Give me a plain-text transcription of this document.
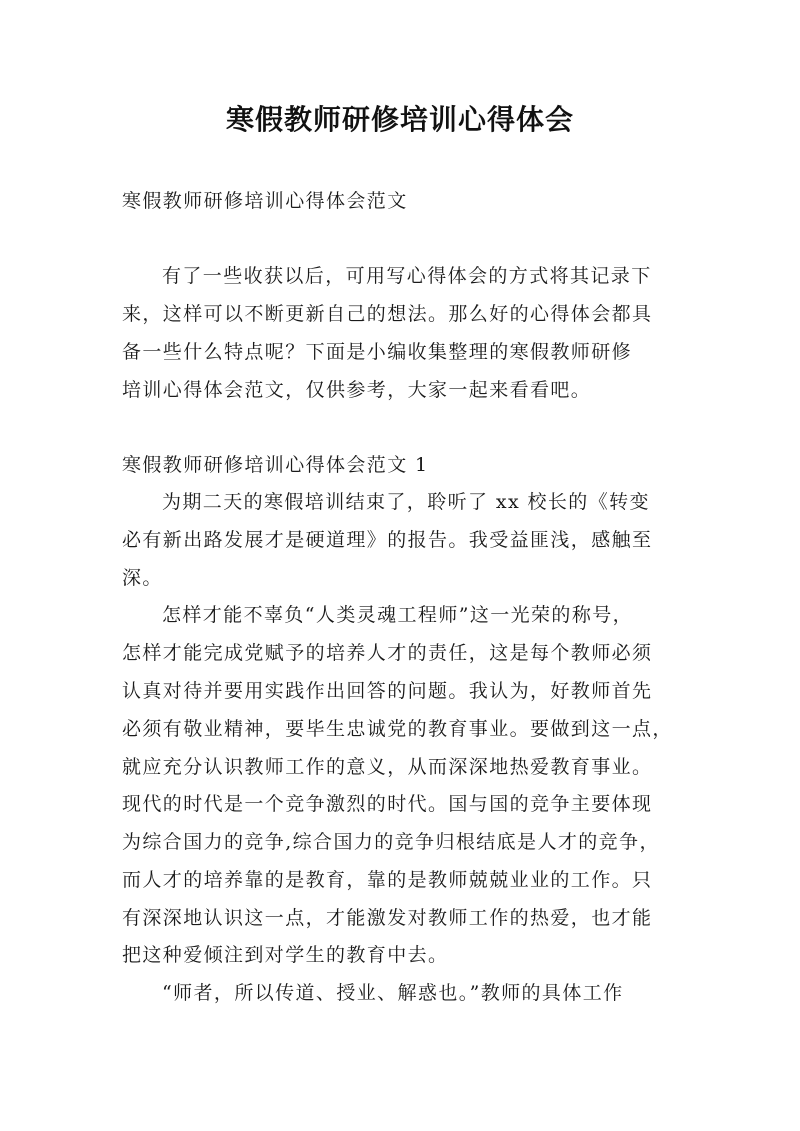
寒假教师研修培训心得体会
寒假教师研修培训心得体会范文
有了一些收获以后，可用写心得体会的方式将其记录下
来，这样可以不断更新自己的想法。那么好的心得体会都具
备一些什么特点呢？下面是小编收集整理的寒假教师研修
培训心得体会范文，仅供参考，大家一起来看看吧。
寒假教师研修培训心得体会范文 1
为期二天的寒假培训结束了，聆听了 xx 校长的《转变
必有新出路发展才是硬道理》的报告。我受益匪浅，感触至
深。
怎样才能不辜负“人类灵魂工程师”这一光荣的称号，
怎样才能完成党赋予的培养人才的责任，这是每个教师必须
认真对待并要用实践作出回答的问题。我认为，好教师首先
必须有敬业精神，要毕生忠诚党的教育事业。要做到这一点，
就应充分认识教师工作的意义，从而深深地热爱教育事业。
现代的时代是一个竞争激烈的时代。国与国的竞争主要体现
为综合国力的竞争,综合国力的竞争归根结底是人才的竞争，
而人才的培养靠的是教育，靠的是教师兢兢业业的工作。只
有深深地认识这一点，才能激发对教师工作的热爱，也才能
把这种爱倾注到对学生的教育中去。
“师者，所以传道、授业、解惑也。”教师的具体工作
